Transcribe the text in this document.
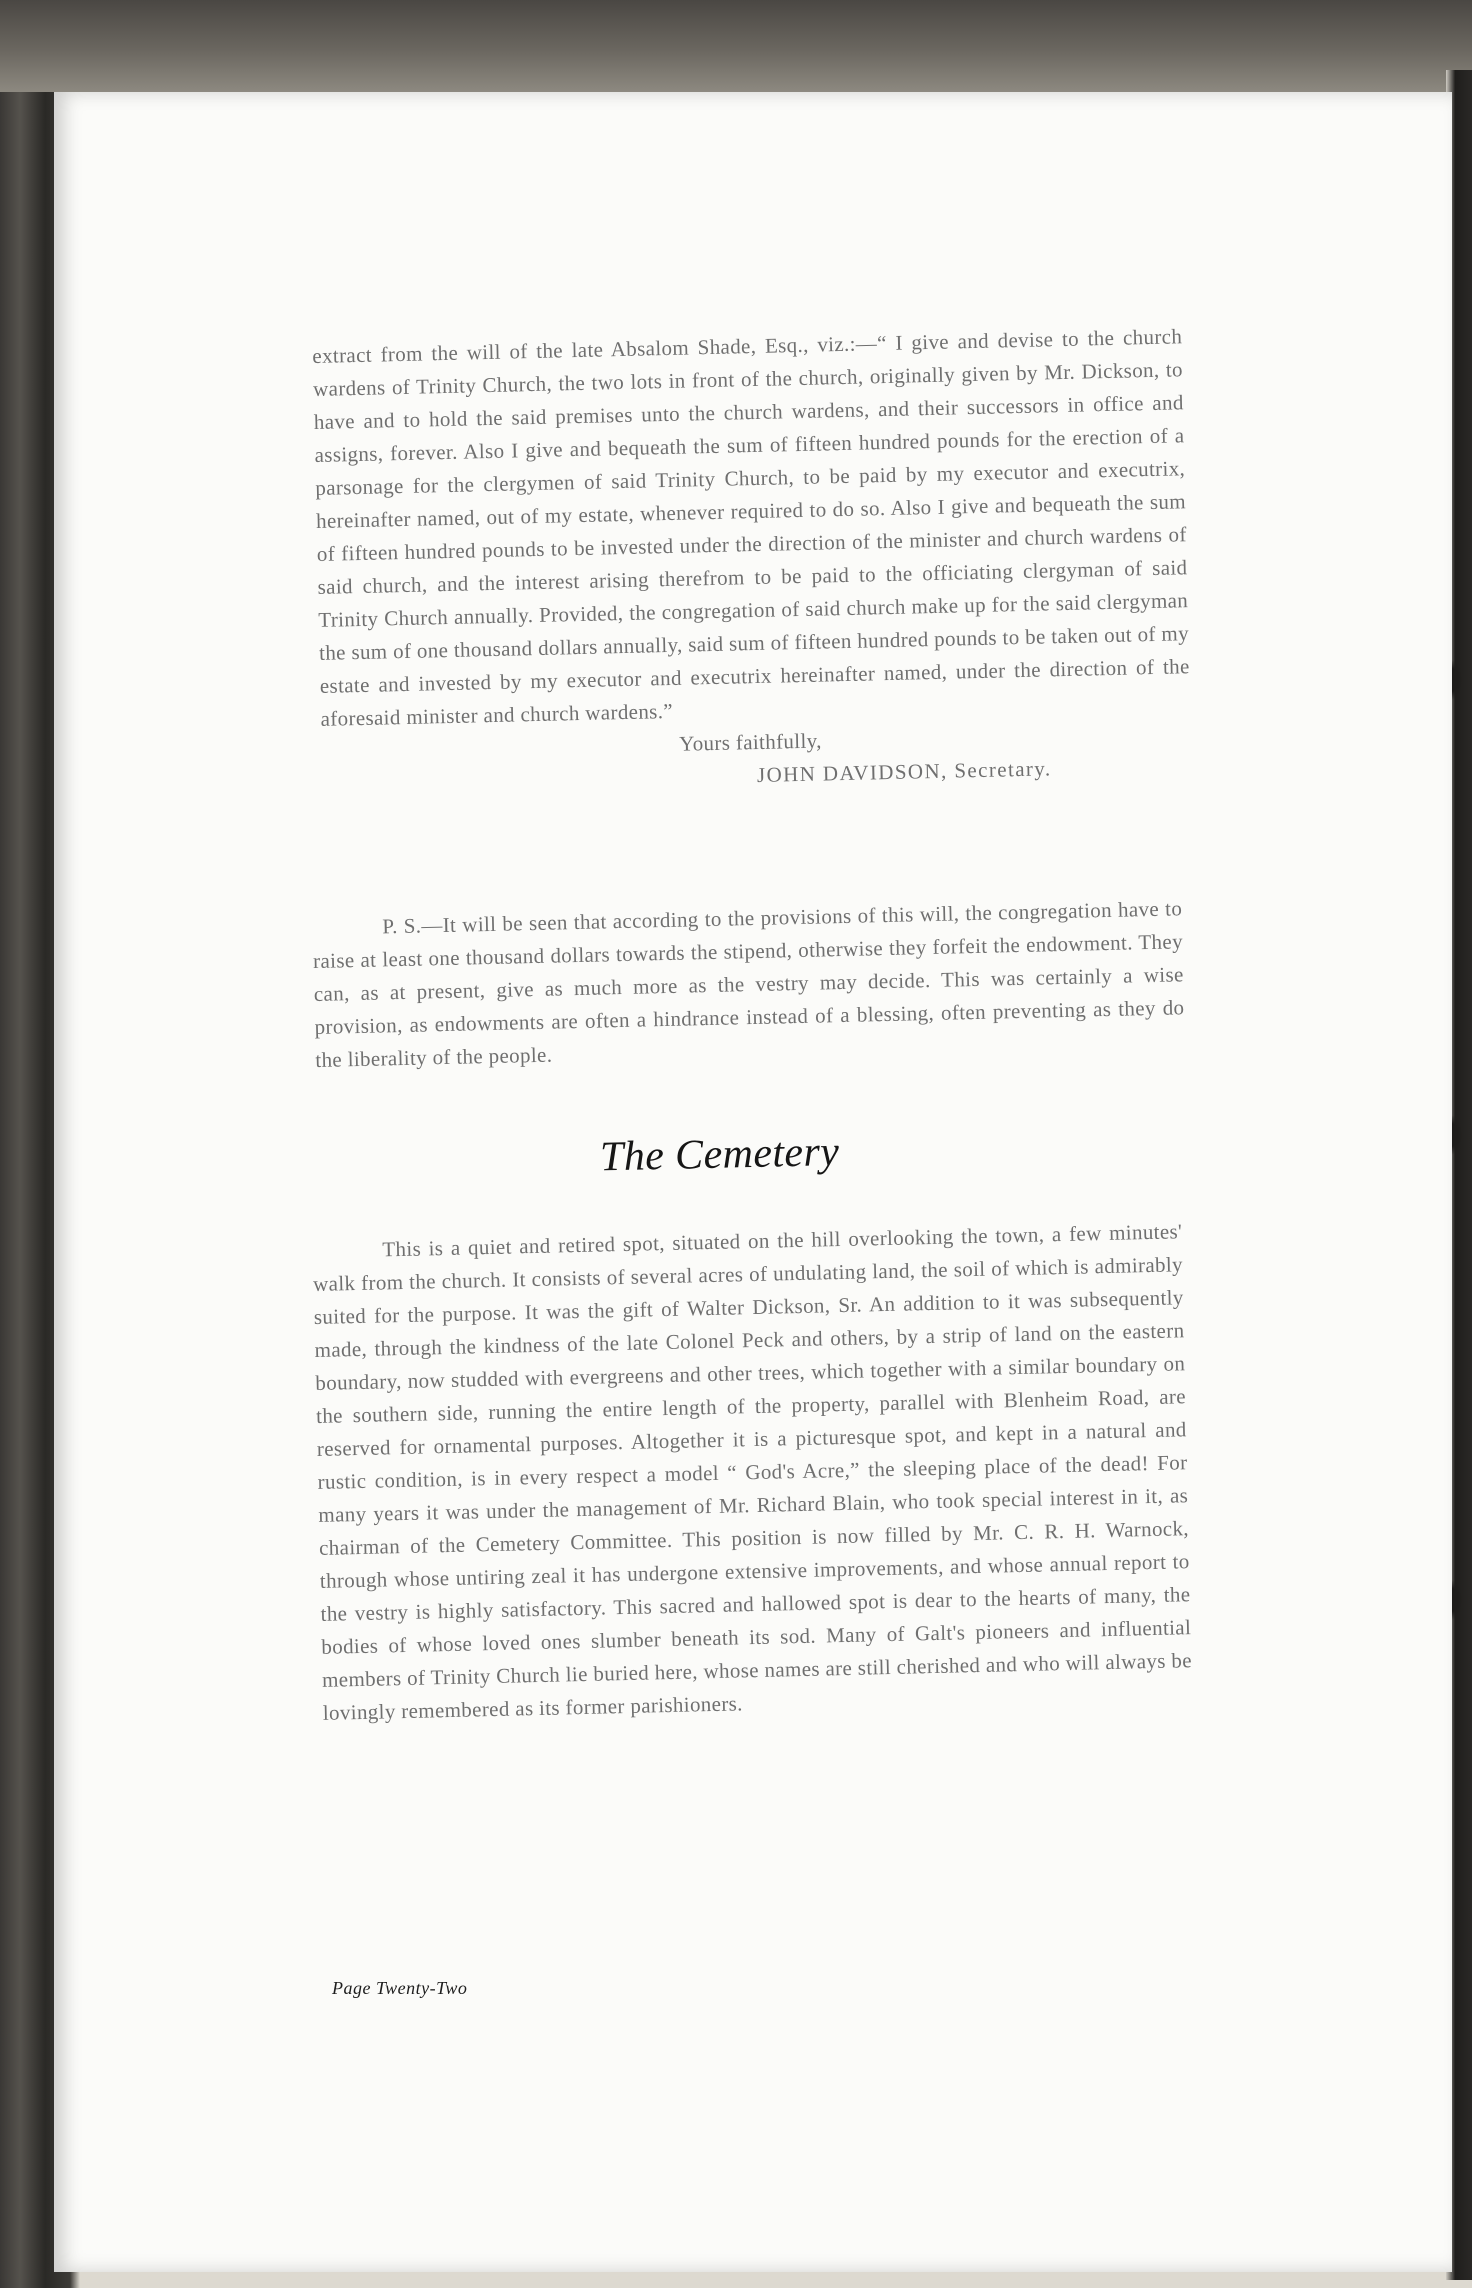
extract from the will of the late Absalom Shade, Esq., viz.:—“ I give and devise to the church wardens of Trinity Church, the two lots in front of the church, originally given by Mr. Dickson, to have and to hold the said premises unto the church wardens, and their successors in office and assigns, forever. Also I give and bequeath the sum of fifteen hundred pounds for the erection of a parsonage for the clergymen of said Trinity Church, to be paid by my executor and executrix, hereinafter named, out of my estate, whenever required to do so. Also I give and bequeath the sum of fifteen hundred pounds to be invested under the direction of the minister and church wardens of said church, and the interest arising therefrom to be paid to the officiating clergyman of said Trinity Church annually. Provided, the congregation of said church make up for the said clergyman the sum of one thousand dollars annually, said sum of fifteen hundred pounds to be taken out of my estate and invested by my executor and executrix hereinafter named, under the direction of the aforesaid minister and church wardens.”

Yours faithfully,

JOHN DAVIDSON, Secretary.

P. S.—It will be seen that according to the provisions of this will, the congregation have to raise at least one thousand dollars towards the stipend, otherwise they forfeit the endowment. They can, as at present, give as much more as the vestry may decide. This was certainly a wise provision, as endowments are often a hindrance instead of a blessing, often preventing as they do the liberality of the people.

The Cemetery

This is a quiet and retired spot, situated on the hill overlooking the town, a few minutes' walk from the church. It consists of several acres of undulating land, the soil of which is admirably suited for the purpose. It was the gift of Walter Dickson, Sr. An addition to it was subsequently made, through the kindness of the late Colonel Peck and others, by a strip of land on the eastern boundary, now studded with evergreens and other trees, which together with a similar boundary on the southern side, running the entire length of the property, parallel with Blenheim Road, are reserved for ornamental purposes. Altogether it is a picturesque spot, and kept in a natural and rustic condition, is in every respect a model “ God's Acre,” the sleeping place of the dead! For many years it was under the management of Mr. Richard Blain, who took special interest in it, as chairman of the Cemetery Committee. This position is now filled by Mr. C. R. H. Warnock, through whose untiring zeal it has undergone extensive improvements, and whose annual report to the vestry is highly satisfactory. This sacred and hallowed spot is dear to the hearts of many, the bodies of whose loved ones slumber beneath its sod. Many of Galt's pioneers and influential members of Trinity Church lie buried here, whose names are still cherished and who will always be lovingly remembered as its former parishioners.

Page Twenty-Two
